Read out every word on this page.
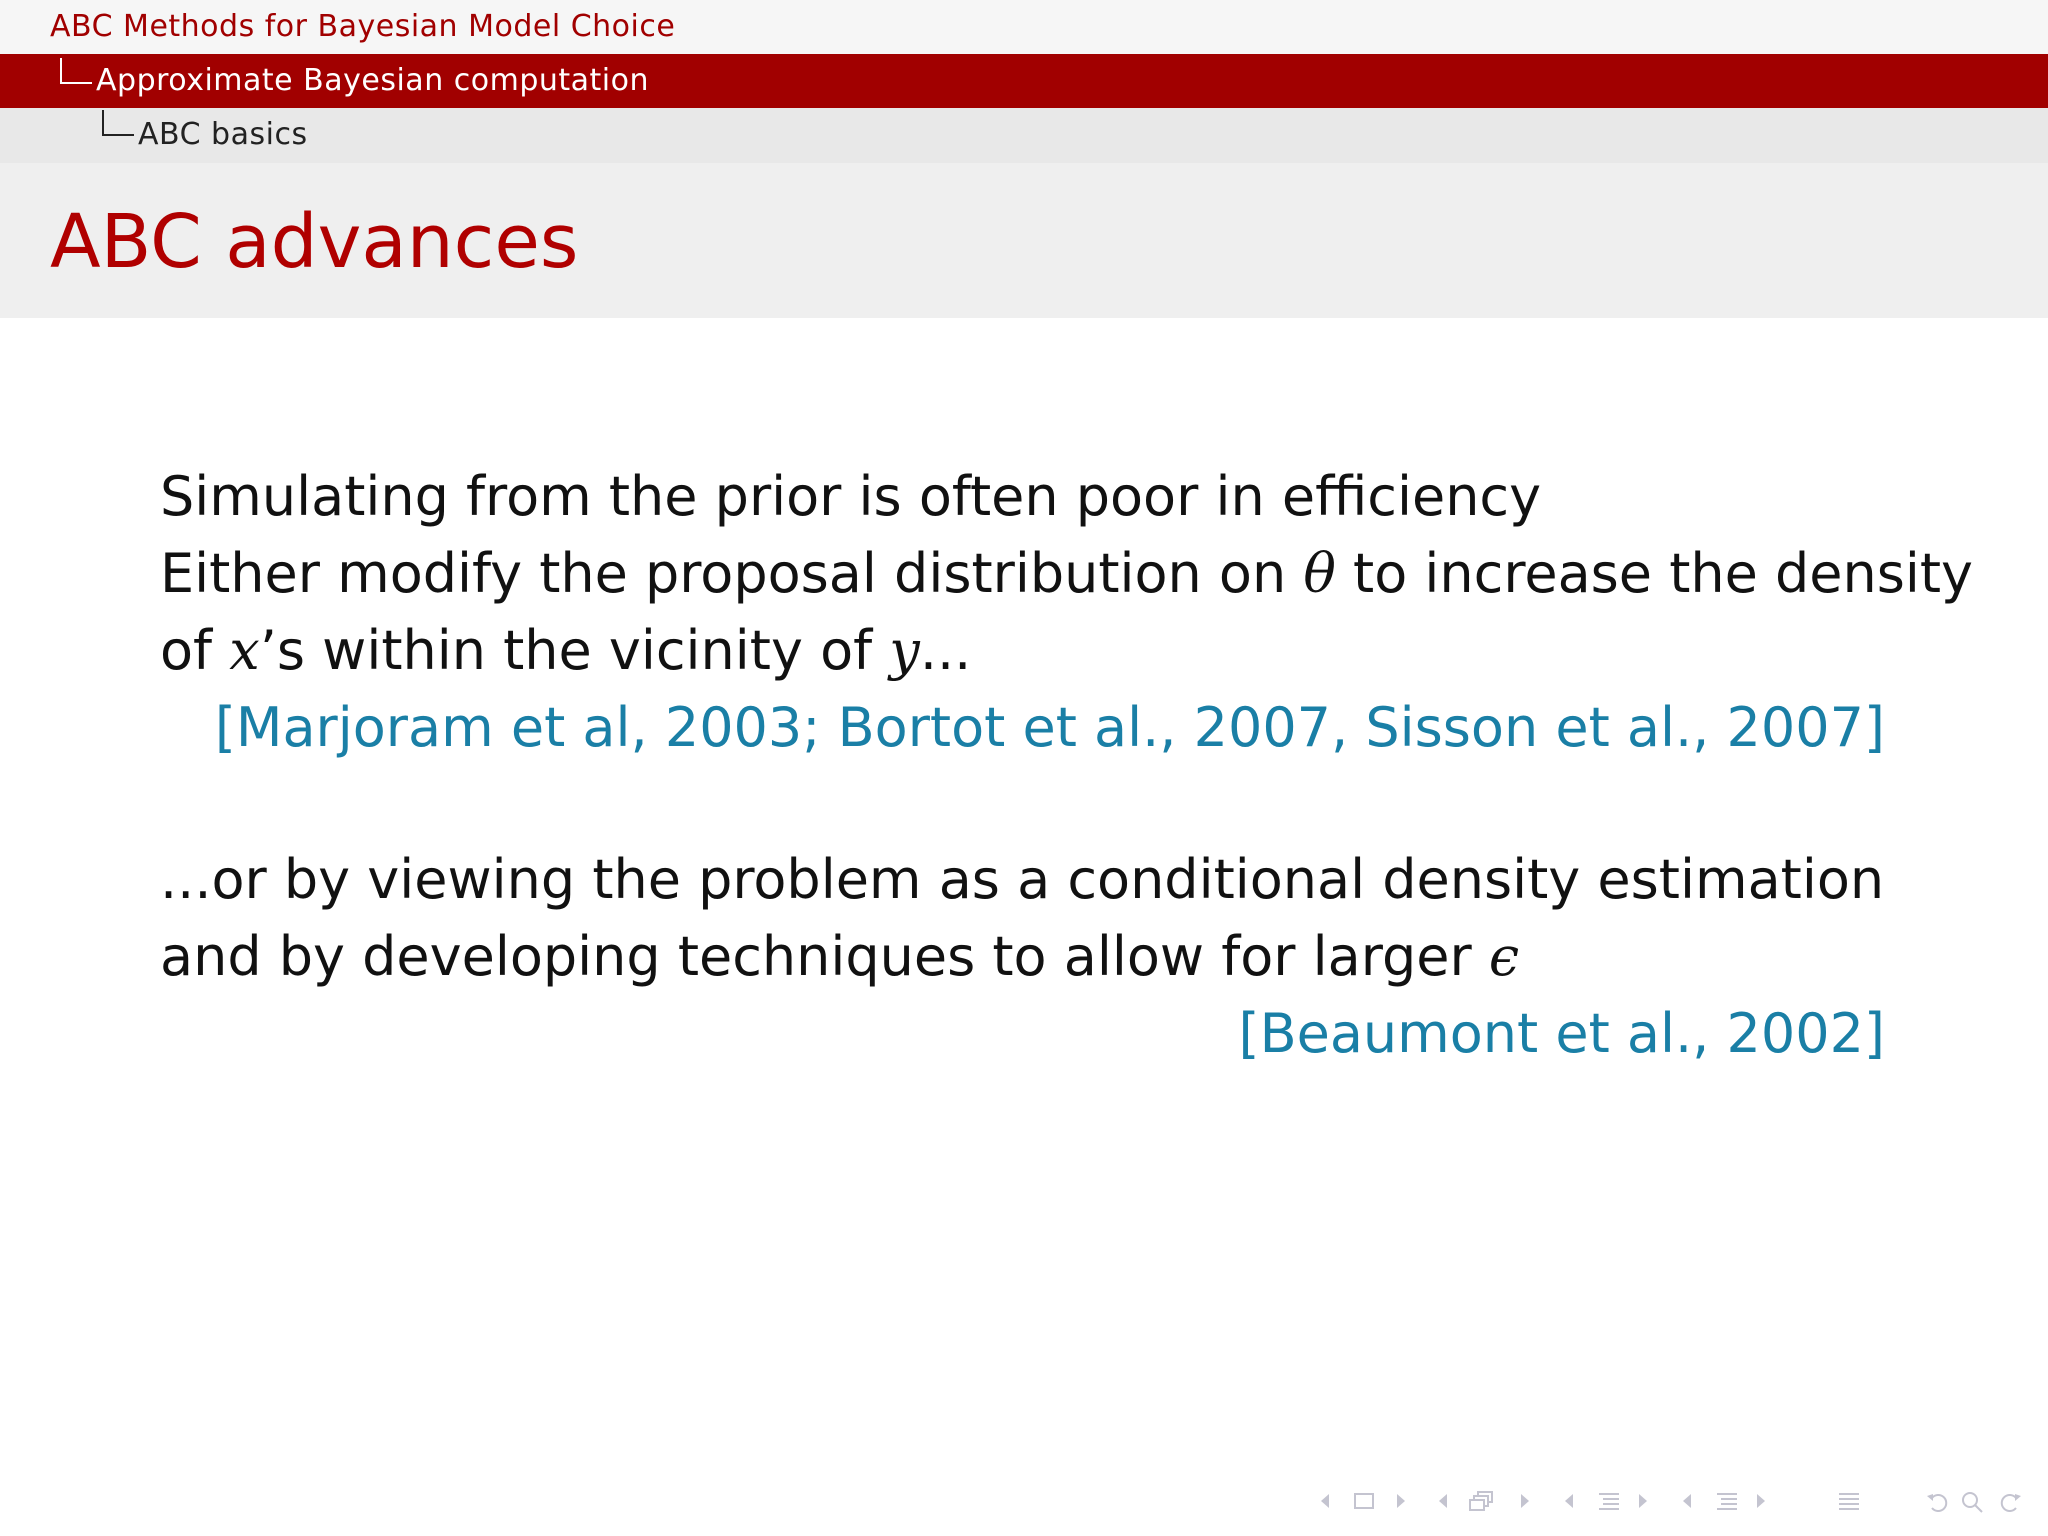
ABC Methods for Bayesian Model Choice
Approximate Bayesian computation
ABC basics
ABC advances
Simulating from the prior is often poor in efficiency
Either modify the proposal distribution on θ to increase the density
of x’s within the vicinity of y...
[Marjoram et al, 2003; Bortot et al., 2007, Sisson et al., 2007]
...or by viewing the problem as a conditional density estimation
and by developing techniques to allow for larger ϵ
[Beaumont et al., 2002]
